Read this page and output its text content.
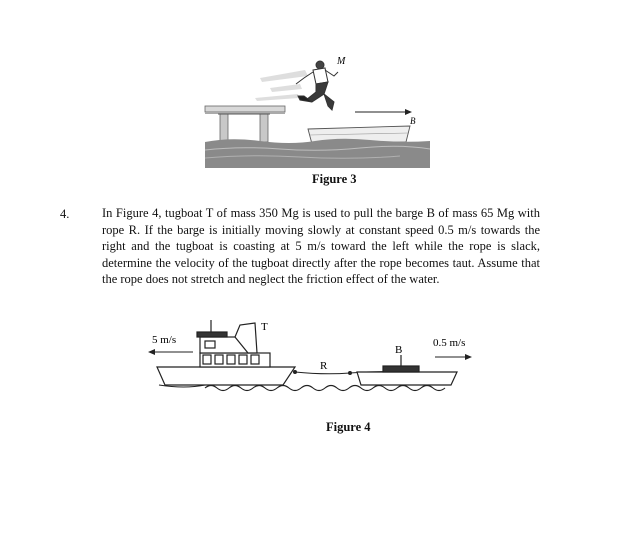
M
B
Figure 3
4.	In Figure 4, tugboat T of mass 350 Mg is used to pull the barge B of mass 65 Mg with rope R. If the barge is initially moving slowly at constant speed 0.5 m/s towards the right and the tugboat is coasting at 5 m/s toward the left while the rope is slack, determine the velocity of the tugboat directly after the rope becomes taut. Assume that the rope does not stretch and neglect the friction effect of the water.

5 m/s
T
R
B
0.5 m/s
Figure 4
